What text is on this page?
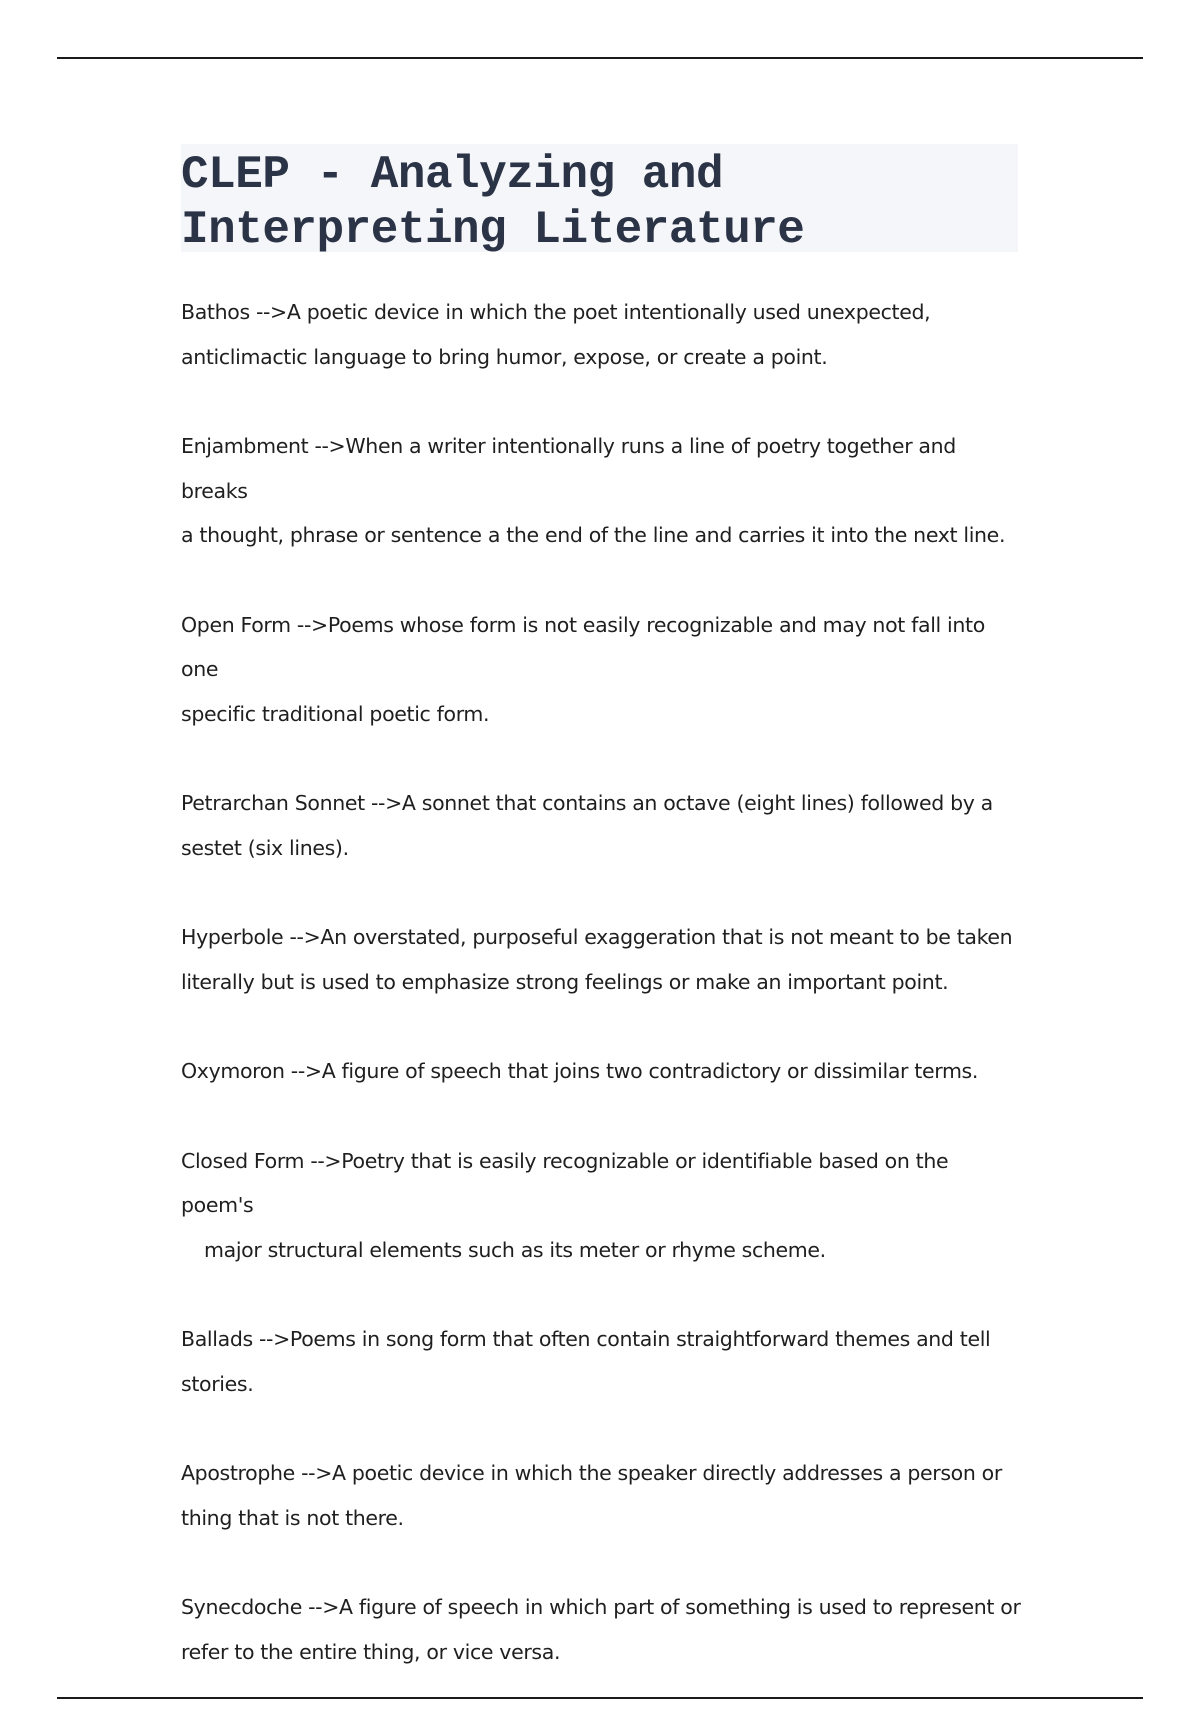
CLEP - Analyzing and
Interpreting Literature

Bathos -->A poetic device in which the poet intentionally used unexpected,
anticlimactic language to bring humor, expose, or create a point.

Enjambment -->When a writer intentionally runs a line of poetry together and breaks
a thought, phrase or sentence a the end of the line and carries it into the next line.

Open Form -->Poems whose form is not easily recognizable and may not fall into one
specific traditional poetic form.

Petrarchan Sonnet -->A sonnet that contains an octave (eight lines) followed by a
sestet (six lines).

Hyperbole -->An overstated, purposeful exaggeration that is not meant to be taken
literally but is used to emphasize strong feelings or make an important point.

Oxymoron -->A figure of speech that joins two contradictory or dissimilar terms.

Closed Form -->Poetry that is easily recognizable or identifiable based on the poem's
major structural elements such as its meter or rhyme scheme.

Ballads -->Poems in song form that often contain straightforward themes and tell
stories.

Apostrophe -->A poetic device in which the speaker directly addresses a person or
thing that is not there.

Synecdoche -->A figure of speech in which part of something is used to represent or
refer to the entire thing, or vice versa.
